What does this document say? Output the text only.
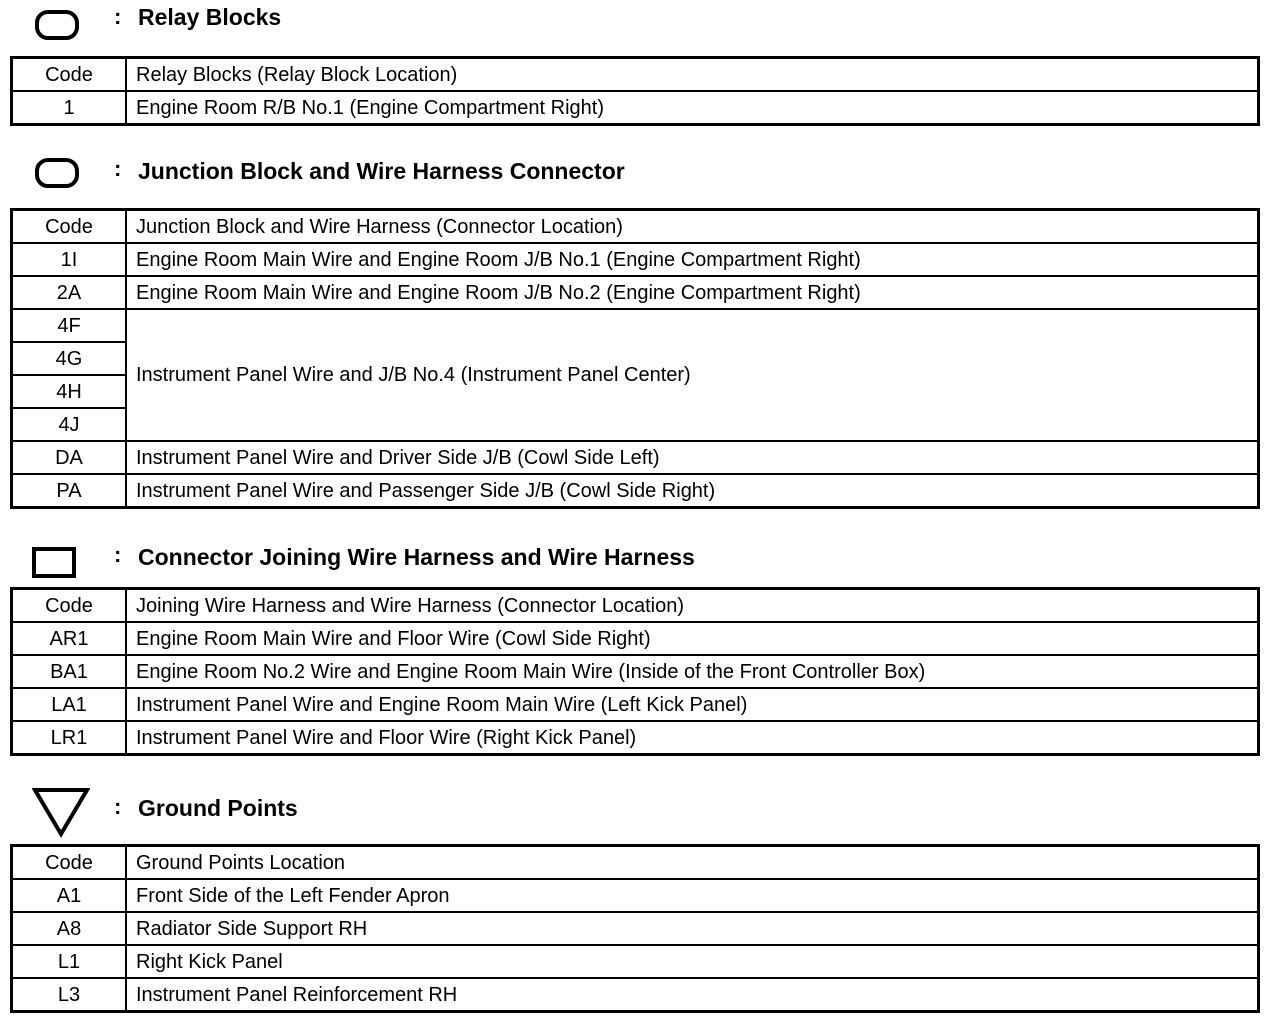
: Relay Blocks
Code	Relay Blocks (Relay Block Location)
1	Engine Room R/B No.1 (Engine Compartment Right)
: Junction Block and Wire Harness Connector
Code	Junction Block and Wire Harness (Connector Location)
1I	Engine Room Main Wire and Engine Room J/B No.1 (Engine Compartment Right)
2A	Engine Room Main Wire and Engine Room J/B No.2 (Engine Compartment Right)
4F	Instrument Panel Wire and J/B No.4 (Instrument Panel Center)
4G	
4H	
4J	
DA	Instrument Panel Wire and Driver Side J/B (Cowl Side Left)
PA	Instrument Panel Wire and Passenger Side J/B (Cowl Side Right)
: Connector Joining Wire Harness and Wire Harness
Code	Joining Wire Harness and Wire Harness (Connector Location)
AR1	Engine Room Main Wire and Floor Wire (Cowl Side Right)
BA1	Engine Room No.2 Wire and Engine Room Main Wire (Inside of the Front Controller Box)
LA1	Instrument Panel Wire and Engine Room Main Wire (Left Kick Panel)
LR1	Instrument Panel Wire and Floor Wire (Right Kick Panel)
: Ground Points
Code	Ground Points Location
A1	Front Side of the Left Fender Apron
A8	Radiator Side Support RH
L1	Right Kick Panel
L3	Instrument Panel Reinforcement RH
